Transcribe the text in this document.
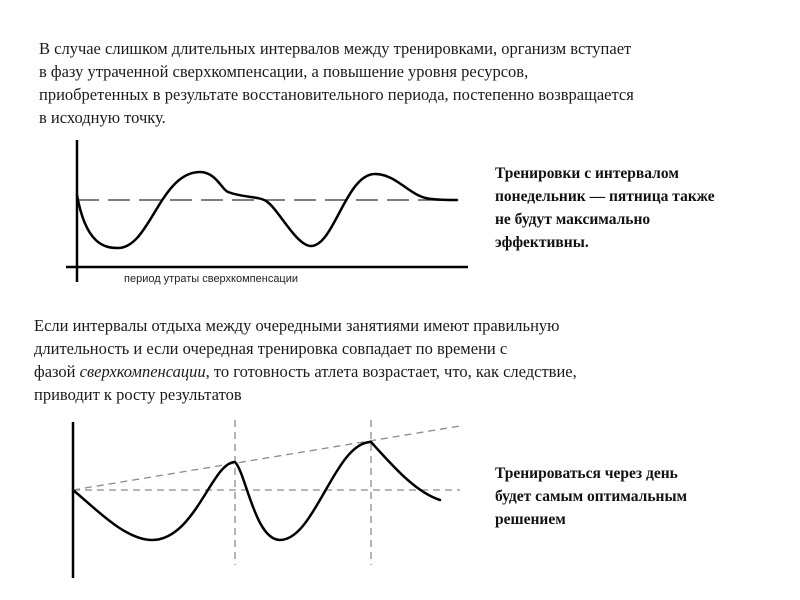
В случае слишком длительных интервалов между тренировками, организм вступает
в фазу утраченной сверхкомпенсации, а повышение уровня ресурсов,
приобретенных в результате восстановительного периода, постепенно возвращается
в исходную точку.

период утраты сверхкомпенсации

Тренировки с интервалом
понедельник — пятница также
не будут максимально
эффективны.

Если интервалы отдыха между очередными занятиями имеют правильную
длительность и если очередная тренировка совпадает по времени с
фазой сверхкомпенсации, то готовность атлета возрастает, что, как следствие,
приводит к росту результатов

Тренироваться через день
будет самым оптимальным
решением
